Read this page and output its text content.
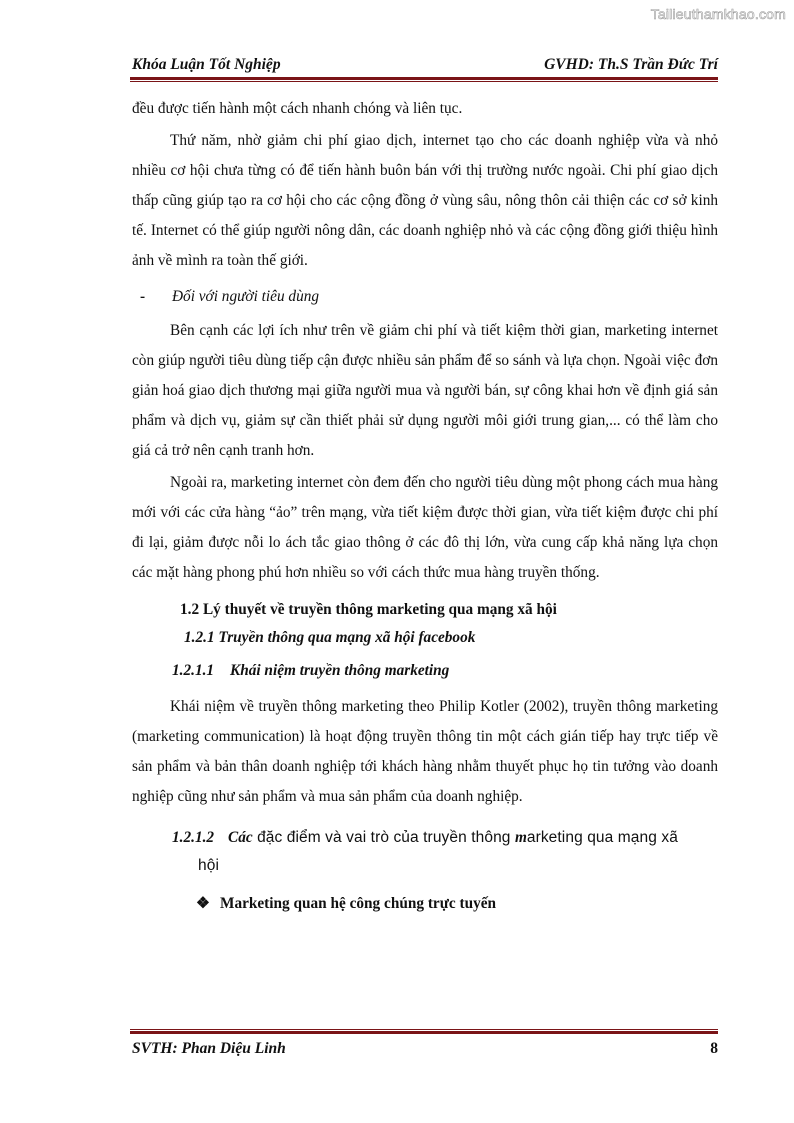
Tailieuthamkhao.com
Khóa Luận Tốt Nghiệp	GVHD: Th.S Trần Đức Trí

đều được tiến hành một cách nhanh chóng và liên tục.

Thứ năm, nhờ giảm chi phí giao dịch, internet tạo cho các doanh nghiệp vừa và nhỏ nhiều cơ hội chưa từng có để tiến hành buôn bán với thị trường nước ngoài. Chi phí giao dịch thấp cũng giúp tạo ra cơ hội cho các cộng đồng ở vùng sâu, nông thôn cải thiện các cơ sở kinh tế. Internet có thể giúp người nông dân, các doanh nghiệp nhỏ và các cộng đồng giới thiệu hình ảnh về mình ra toàn thế giới.

- Đối với người tiêu dùng

Bên cạnh các lợi ích như trên về giảm chi phí và tiết kiệm thời gian, marketing internet còn giúp người tiêu dùng tiếp cận được nhiều sản phẩm để so sánh và lựa chọn. Ngoài việc đơn giản hoá giao dịch thương mại giữa người mua và người bán, sự công khai hơn về định giá sản phẩm và dịch vụ, giảm sự cần thiết phải sử dụng người môi giới trung gian,... có thể làm cho giá cả trở nên cạnh tranh hơn.

Ngoài ra, marketing internet còn đem đến cho người tiêu dùng một phong cách mua hàng mới với các cửa hàng “ảo” trên mạng, vừa tiết kiệm được thời gian, vừa tiết kiệm được chi phí đi lại, giảm được nỗi lo ách tắc giao thông ở các đô thị lớn, vừa cung cấp khả năng lựa chọn các mặt hàng phong phú hơn nhiều so với cách thức mua hàng truyền thống.

1.2 Lý thuyết về truyền thông marketing qua mạng xã hội
1.2.1 Truyền thông qua mạng xã hội facebook
1.2.1.1 Khái niệm truyền thông marketing

Khái niệm về truyền thông marketing theo Philip Kotler (2002), truyền thông marketing (marketing communication) là hoạt động truyền thông tin một cách gián tiếp hay trực tiếp về sản phẩm và bản thân doanh nghiệp tới khách hàng nhằm thuyết phục họ tin tưởng vào doanh nghiệp cũng như sản phẩm và mua sản phẩm của doanh nghiệp.

1.2.1.2 Các đặc điểm và vai trò của truyền thông marketing qua mạng xã
hội
❖ Marketing quan hệ công chúng trực tuyến
SVTH: Phan Diệu Linh	8
